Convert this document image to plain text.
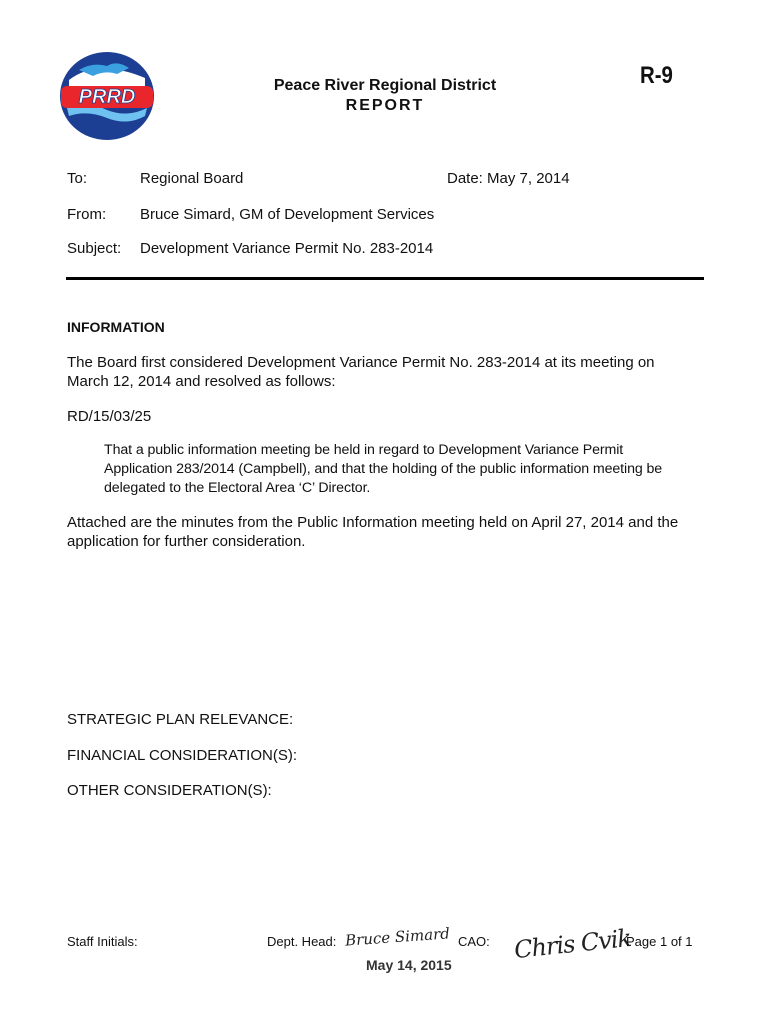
PRRD
Peace River Regional District
REPORT
R-9
To:	Regional Board	Date: May 7, 2014
From: Bruce Simard, GM of Development Services
Subject: Development Variance Permit No. 283-2014
INFORMATION
The Board first considered Development Variance Permit No. 283-2014 at its meeting on
March 12, 2014 and resolved as follows:
RD/15/03/25
That a public information meeting be held in regard to Development Variance Permit
Application 283/2014 (Campbell), and that the holding of the public information meeting be
delegated to the Electoral Area ‘C’ Director.
Attached are the minutes from the Public Information meeting held on April 27, 2014 and the
application for further consideration.
STRATEGIC PLAN RELEVANCE:
FINANCIAL CONSIDERATION(S):
OTHER CONSIDERATION(S):
Staff Initials:	Dept. Head: Bruce Simard CAO: Chris Cvik
Page 1 of 1
May 14, 2015
